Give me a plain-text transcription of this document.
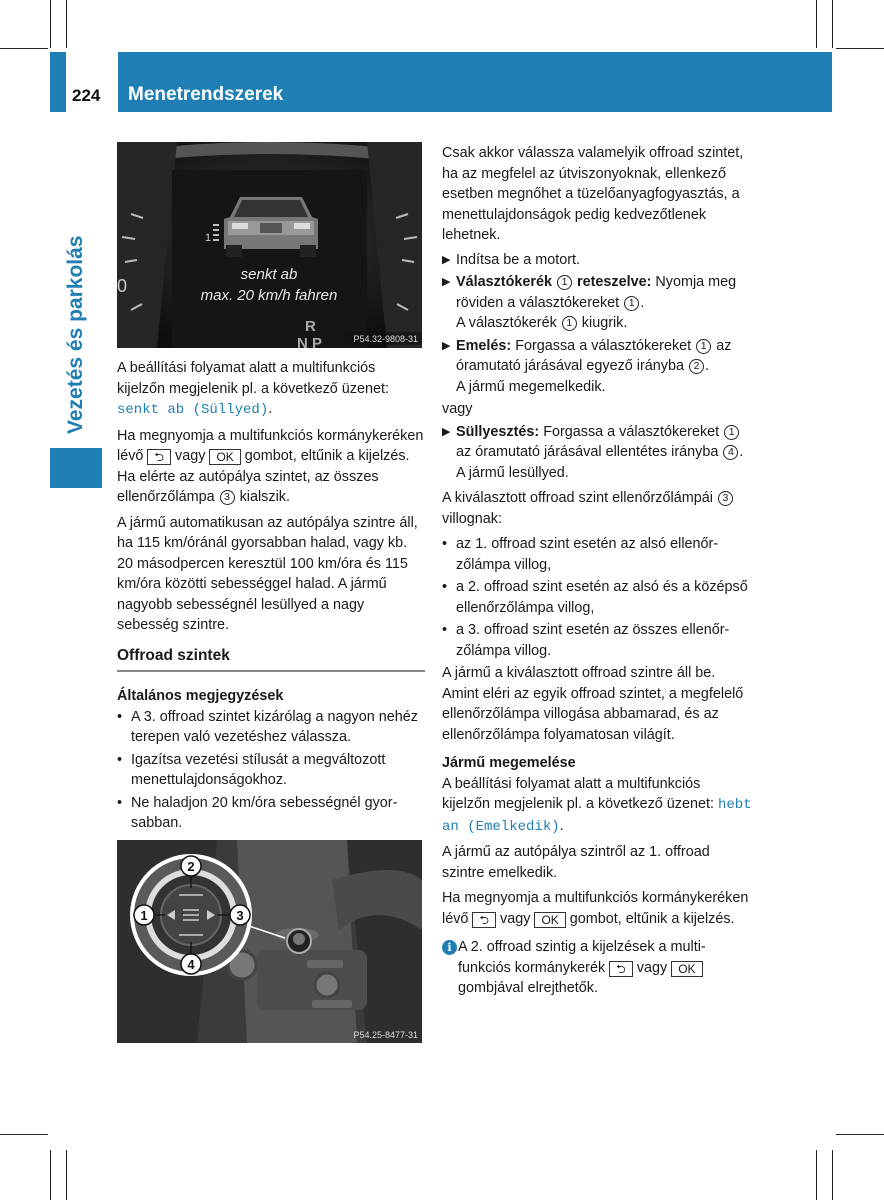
224 Menetrendszerek
Vezetés és parkolás	0
1
senkt ab
max. 20 km/h fahren
R
N P	P54.32-9808-31

A beállítási folyamat alatt a multifunkciós kijelzőn megjelenik pl. a következő üzenet: senkt ab (Süllyed).

Ha megnyomja a multifunkciós kormánykeréken lévő ⮌ vagy OK gombot, eltűnik a kijelzés. Ha elérte az autópálya szintet, az összes ellenőrzőlámpa 3 kialszik.

A jármű automatikusan az autópálya szintre áll, ha 115 km/óránál gyorsabban halad, vagy kb. 20 másodpercen keresztül 100 km/óra és 115 km/óra közötti sebességgel halad. A jármű nagyobb sebességnél lesüllyed a nagy sebesség szintre.

Offroad szintek
Általános megjegyzések
• A 3. offroad szintet kizárólag a nagyon nehéz terepen való vezetéshez válassza.
• Igazítsa vezetési stílusát a megváltozott menettulajdonságokhoz.
• Ne haladjon 20 km/óra sebességnél gyorsabban.
1
2
3
4
P54.25-8477-31

Csak akkor válassza valamelyik offroad szintet, ha az megfelel az útviszonyoknak, ellenkező esetben megnőhet a tüzelőanyagfogyasztás, a menettulajdonságok pedig kedvezőtlenek lehetnek.

▶ Indítsa be a motort.
▶ Választókerék 1 reteszelve: Nyomja meg röviden a választókereket 1 .
A választókerék 1 kiugrik.
▶ Emelés: Forgassa a választókereket 1 az óramutató járásával egyező irányba 2 .
A jármű megemelkedik.
vagy
▶ Süllyesztés: Forgassa a választókereket 1 az óramutató járásával ellentétes irányba 4 .
A jármű lesüllyed.

A kiválasztott offroad szint ellenőrzőlámpái 3 villognak:

• az 1. offroad szint esetén az alsó ellenőrzőlámpa villog,
• a 2. offroad szint esetén az alsó és a középső ellenőrzőlámpa villog,
• a 3. offroad szint esetén az összes ellenőrzőlámpa villog.

A jármű a kiválasztott offroad szintre áll be. Amint eléri az egyik offroad szintet, a megfelelő ellenőrzőlámpa villogása abbamarad, és az ellenőrzőlámpa folyamatosan világít.

Jármű megemelése

A beállítási folyamat alatt a multifunkciós kijelzőn megjelenik pl. a következő üzenet: hebt an (Emelkedik).

A jármű az autópálya szintről az 1. offroad szintre emelkedik.

Ha megnyomja a multifunkciós kormánykeréken lévő ⮌ vagy OK gombot, eltűnik a kijelzés.

i A 2. offroad szintig a kijelzések a multifunkciós kormánykerék ⮌ vagy OK gombjával elrejthetők.
